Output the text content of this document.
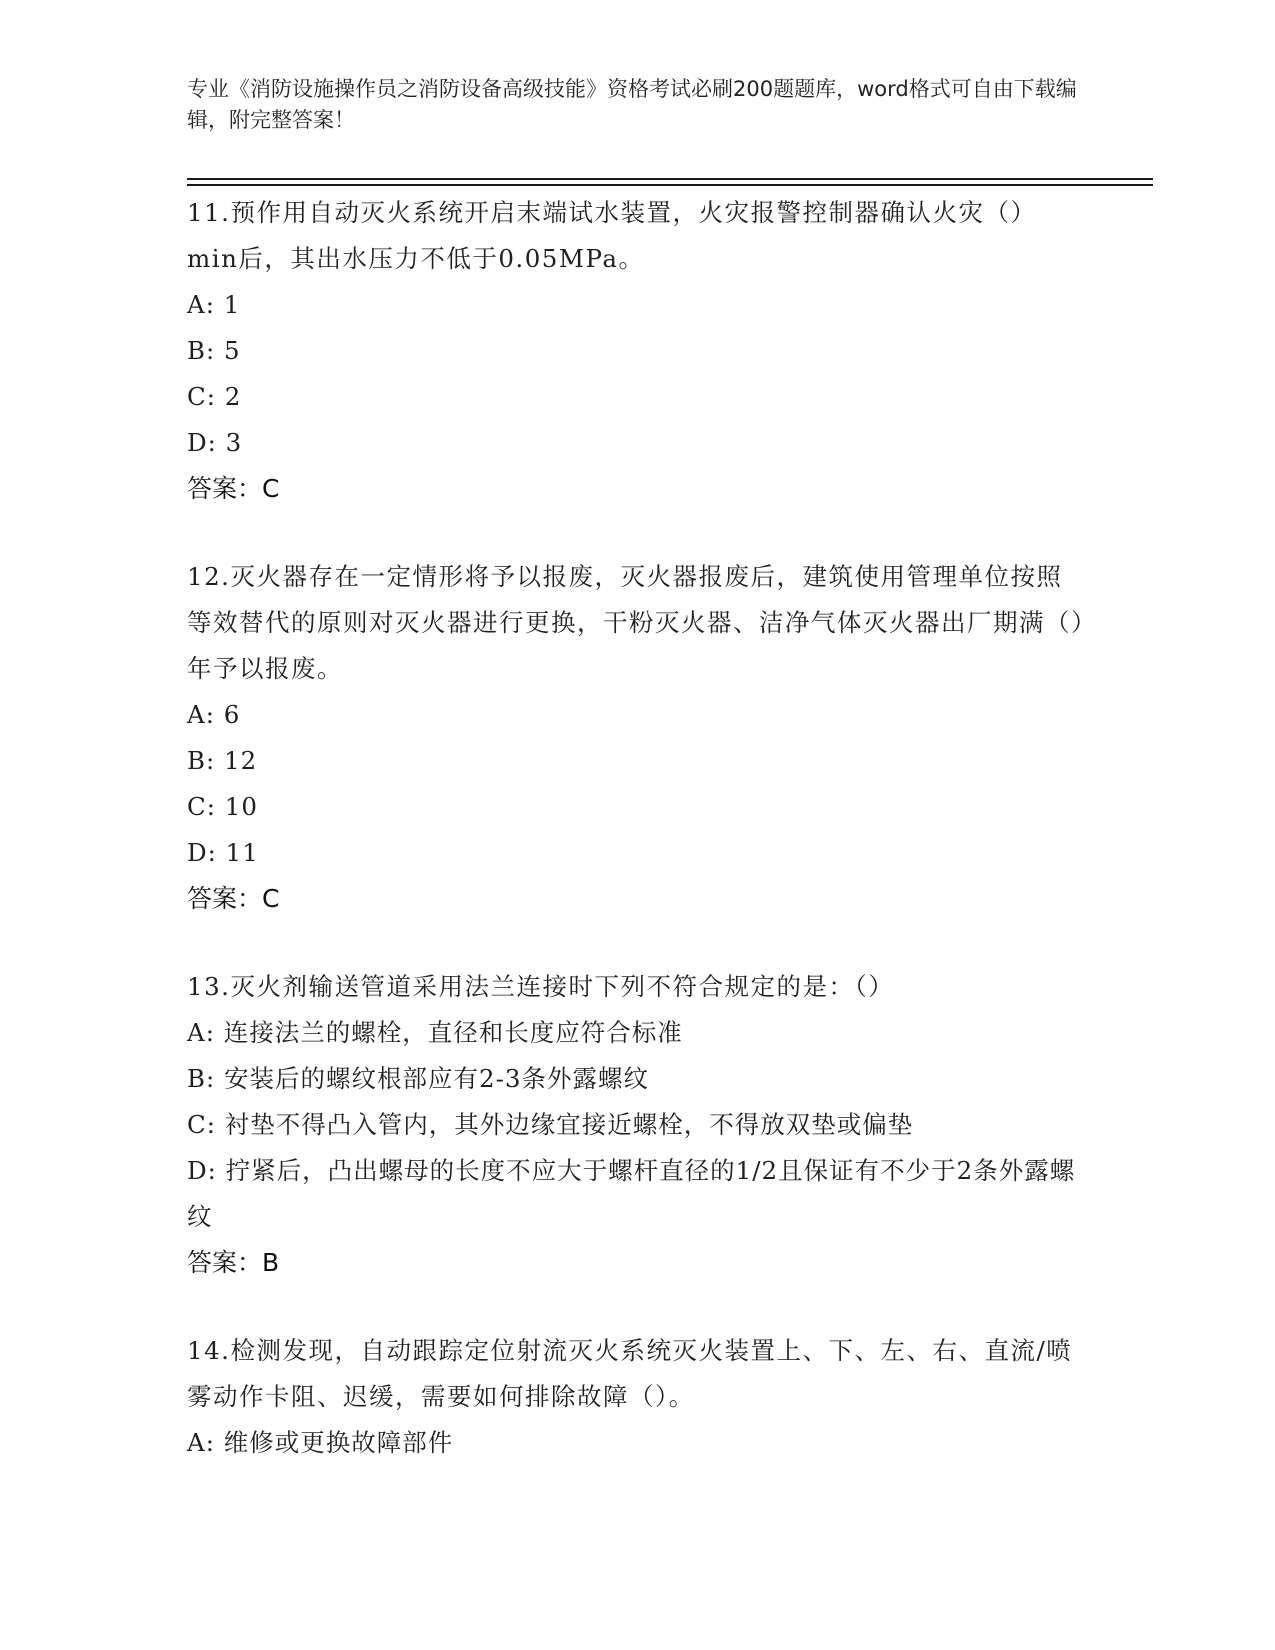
专业《消防设施操作员之消防设备高级技能》资格考试必刷200题题库，word格式可自由下载编辑，附完整答案！
11.预作用自动灭火系统开启末端试水装置，火灾报警控制器确认火灾（）min后，其出水压力不低于0.05MPa。
A: 1
B: 5
C: 2
D: 3
答案：C
12.灭火器存在一定情形将予以报废，灭火器报废后，建筑使用管理单位按照等效替代的原则对灭火器进行更换，干粉灭火器、洁净气体灭火器出厂期满（）年予以报废。
A: 6
B: 12
C: 10
D: 11
答案：C
13.灭火剂输送管道采用法兰连接时下列不符合规定的是：（）
A: 连接法兰的螺栓，直径和长度应符合标准
B: 安装后的螺纹根部应有2-3条外露螺纹
C: 衬垫不得凸入管内，其外边缘宜接近螺栓，不得放双垫或偏垫
D: 拧紧后，凸出螺母的长度不应大于螺杆直径的1/2且保证有不少于2条外露螺纹
答案：B
14.检测发现，自动跟踪定位射流灭火系统灭火装置上、下、左、右、直流/喷雾动作卡阻、迟缓，需要如何排除故障（）。
A: 维修或更换故障部件
